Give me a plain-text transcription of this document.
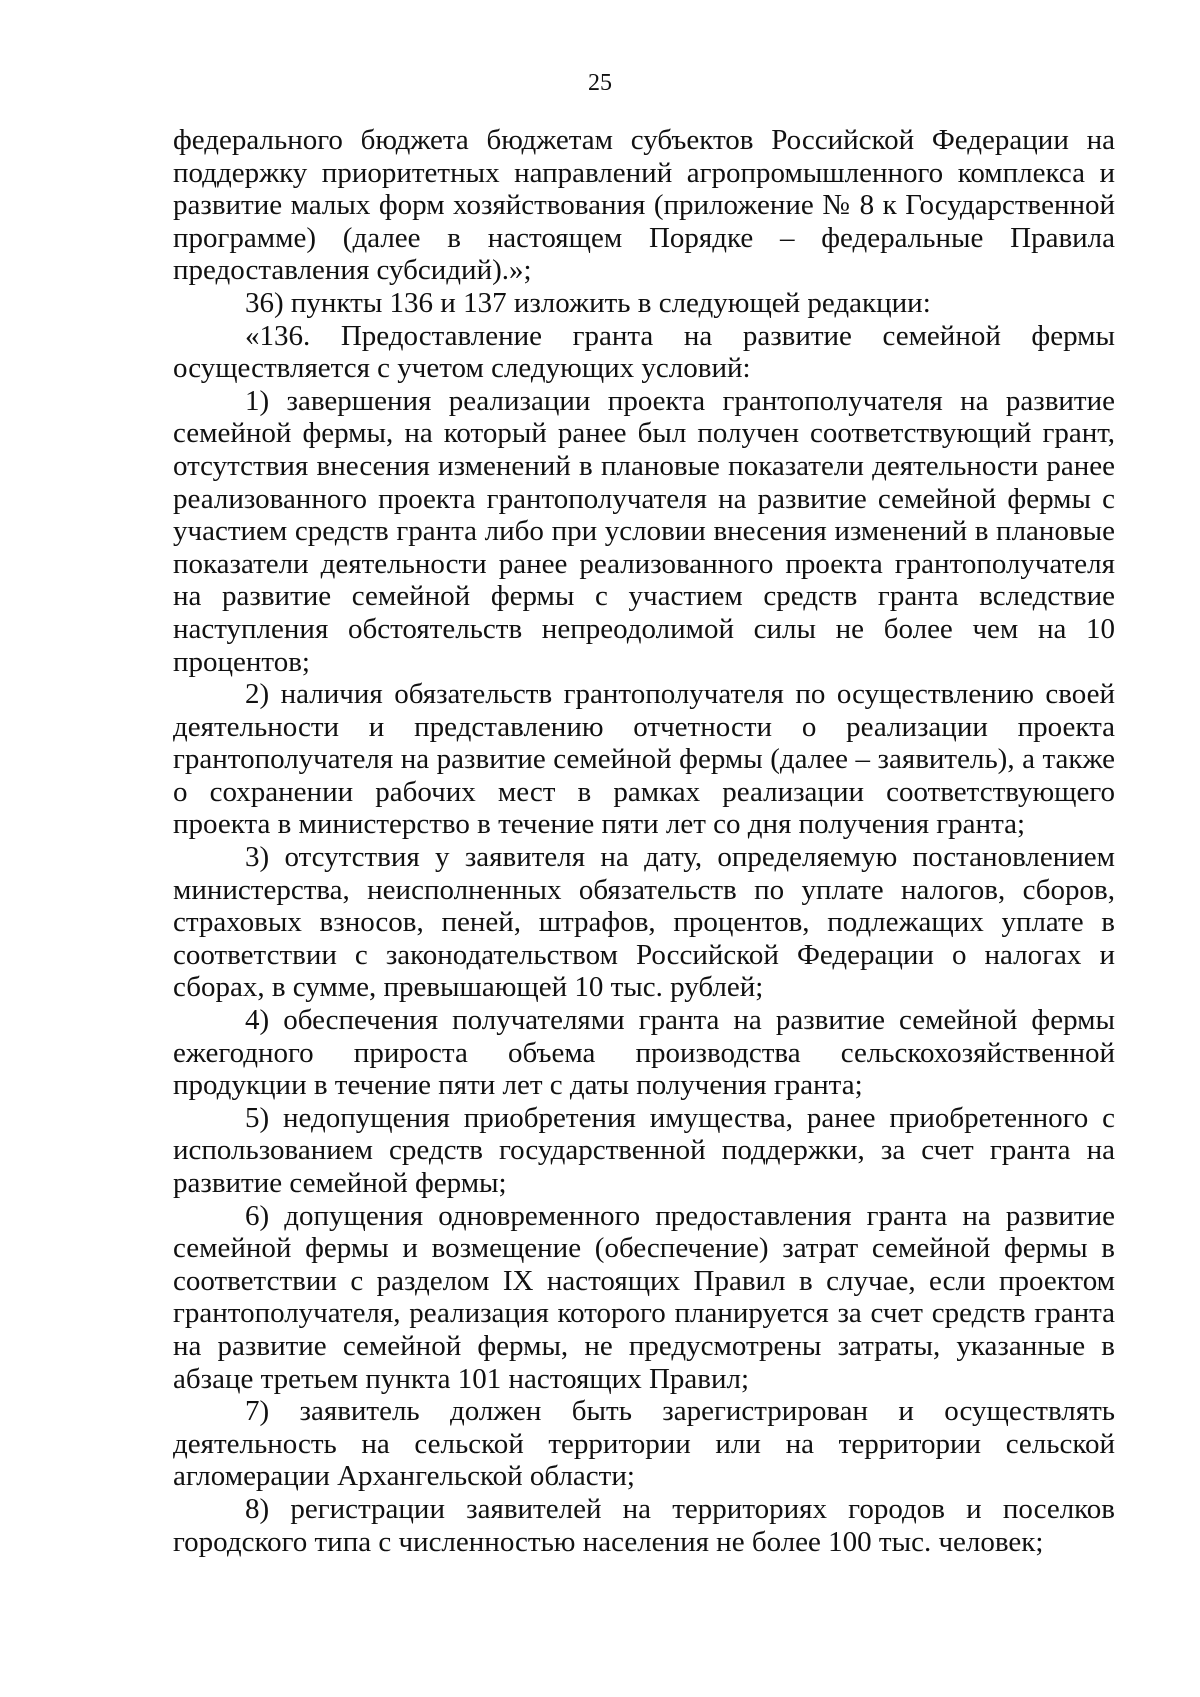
25

федерального бюджета бюджетам субъектов Российской Федерации на поддержку приоритетных направлений агропромышленного комплекса и развитие малых форм хозяйствования (приложение № 8 к Государственной программе) (далее в настоящем Порядке – федеральные Правила предоставления субсидий).»;

36) пункты 136 и 137 изложить в следующей редакции:

«136. Предоставление гранта на развитие семейной фермы осуществляется с учетом следующих условий:

1) завершения реализации проекта грантополучателя на развитие семейной фермы, на который ранее был получен соответствующий грант, отсутствия внесения изменений в плановые показатели деятельности ранее реализованного проекта грантополучателя на развитие семейной фермы с участием средств гранта либо при условии внесения изменений в плановые показатели деятельности ранее реализованного проекта грантополучателя на развитие семейной фермы с участием средств гранта вследствие наступления обстоятельств непреодолимой силы не более чем на 10 процентов;

2) наличия обязательств грантополучателя по осуществлению своей деятельности и представлению отчетности о реализации проекта грантополучателя на развитие семейной фермы (далее – заявитель), а также о сохранении рабочих мест в рамках реализации соответствующего проекта в министерство в течение пяти лет со дня получения гранта;

3) отсутствия у заявителя на дату, определяемую постановлением министерства, неисполненных обязательств по уплате налогов, сборов, страховых взносов, пеней, штрафов, процентов, подлежащих уплате в соответствии с законодательством Российской Федерации о налогах и сборах, в сумме, превышающей 10 тыс. рублей;

4) обеспечения получателями гранта на развитие семейной фермы ежегодного прироста объема производства сельскохозяйственной продукции в течение пяти лет с даты получения гранта;

5) недопущения приобретения имущества, ранее приобретенного с использованием средств государственной поддержки, за счет гранта на развитие семейной фермы;

6) допущения одновременного предоставления гранта на развитие семейной фермы и возмещение (обеспечение) затрат семейной фермы в соответствии с разделом IX настоящих Правил в случае, если проектом грантополучателя, реализация которого планируется за счет средств гранта на развитие семейной фермы, не предусмотрены затраты, указанные в абзаце третьем пункта 101 настоящих Правил;

7) заявитель должен быть зарегистрирован и осуществлять деятельность на сельской территории или на территории сельской агломерации Архангельской области;

8) регистрации заявителей на территориях городов и поселков городского типа с численностью населения не более 100 тыс. человек;
